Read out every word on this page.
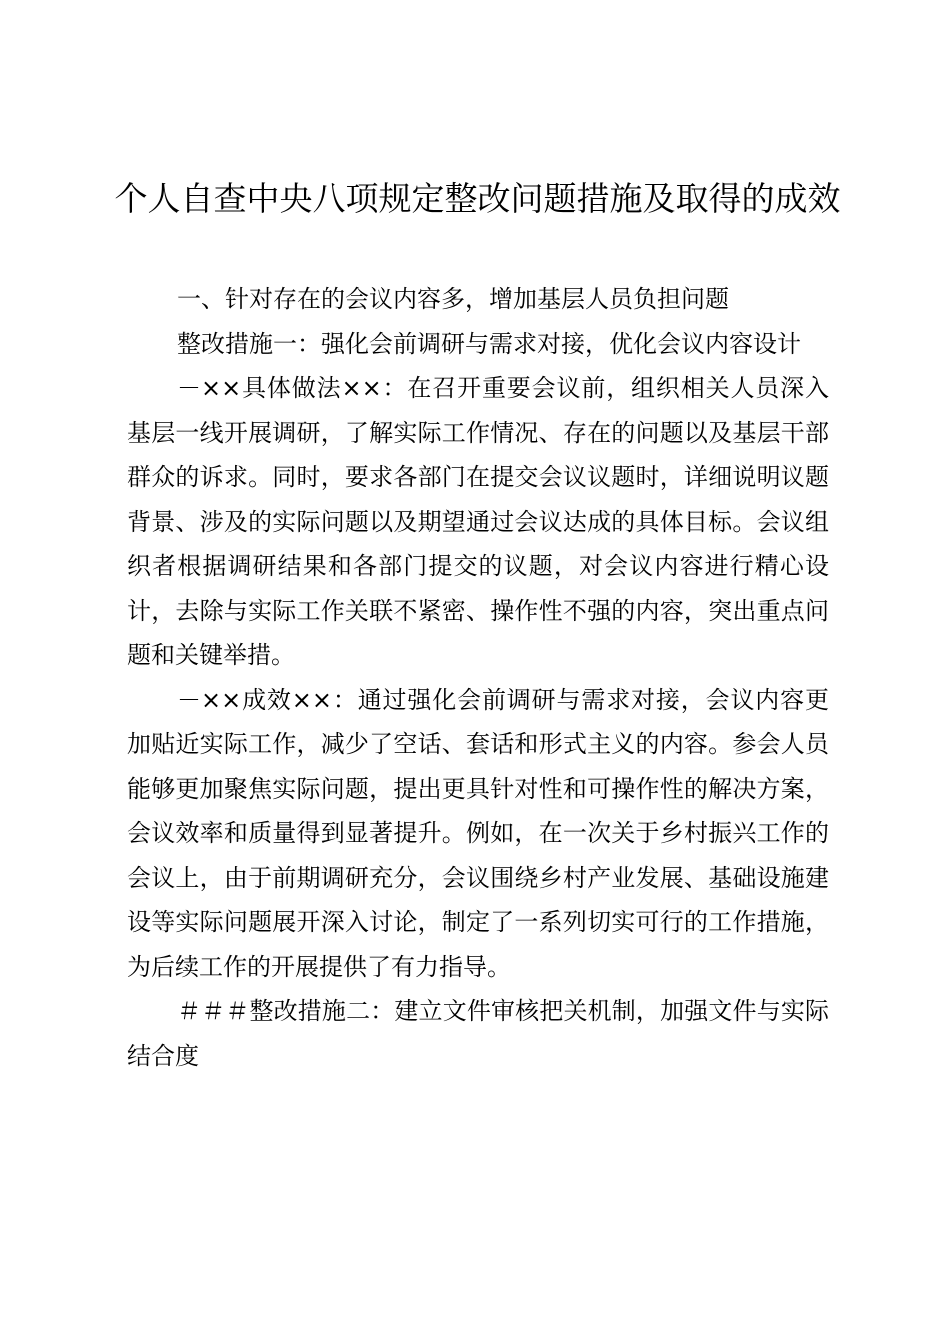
个人自查中央八项规定整改问题措施及取得的成效

一、针对存在的会议内容多，增加基层人员负担问题

整改措施一：强化会前调研与需求对接，优化会议内容设计

－××具体做法××：在召开重要会议前，组织相关人员深入基层一线开展调研，了解实际工作情况、存在的问题以及基层干部群众的诉求。同时，要求各部门在提交会议议题时，详细说明议题背景、涉及的实际问题以及期望通过会议达成的具体目标。会议组织者根据调研结果和各部门提交的议题，对会议内容进行精心设计，去除与实际工作关联不紧密、操作性不强的内容，突出重点问题和关键举措。

－××成效××：通过强化会前调研与需求对接，会议内容更加贴近实际工作，减少了空话、套话和形式主义的内容。参会人员能够更加聚焦实际问题，提出更具针对性和可操作性的解决方案，会议效率和质量得到显著提升。例如，在一次关于乡村振兴工作的会议上，由于前期调研充分，会议围绕乡村产业发展、基础设施建设等实际问题展开深入讨论，制定了一系列切实可行的工作措施，为后续工作的开展提供了有力指导。

＃＃＃整改措施二：建立文件审核把关机制，加强文件与实际结合度
